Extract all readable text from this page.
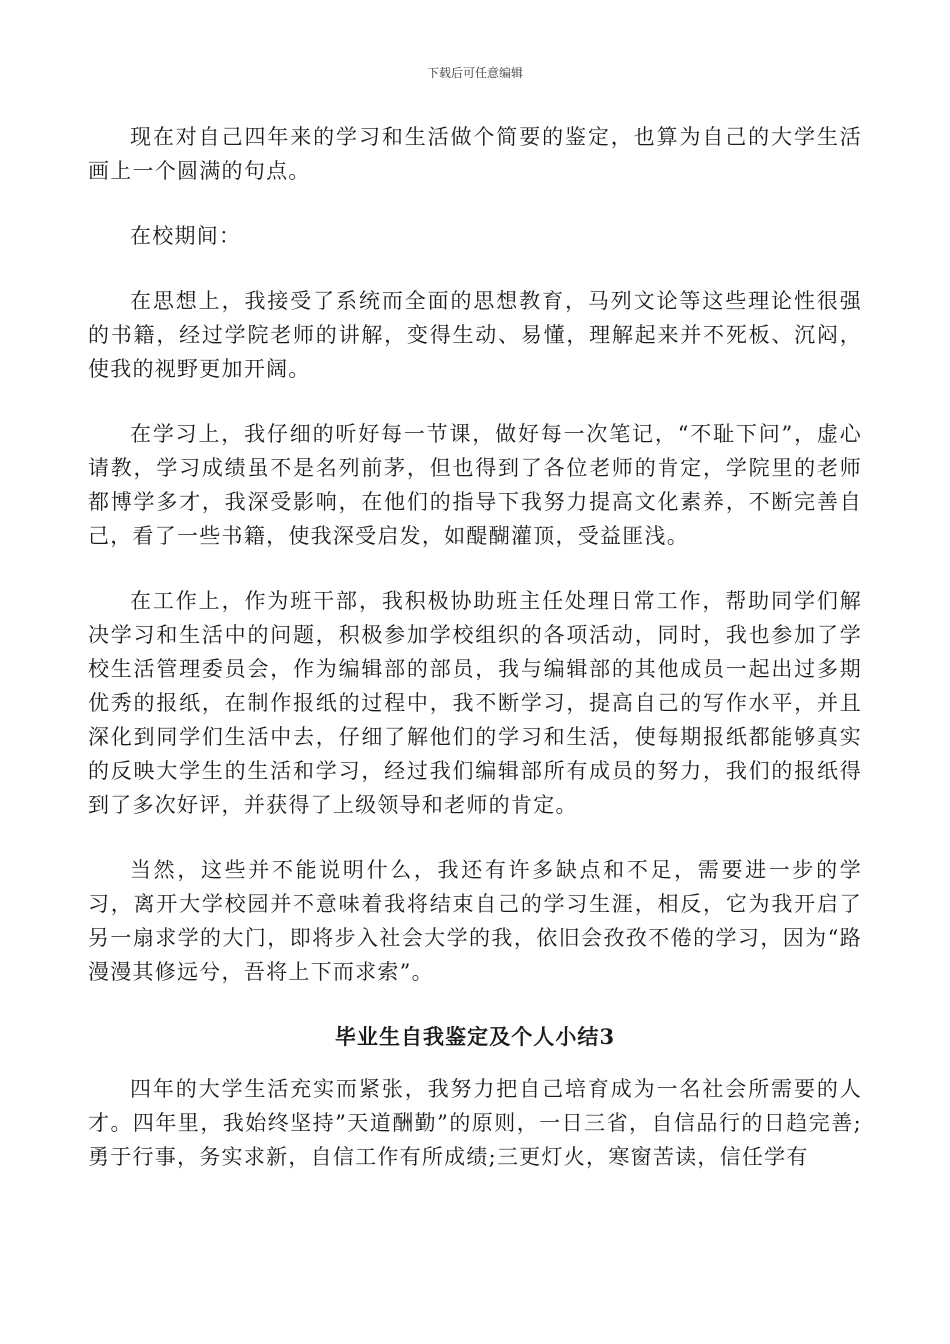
下载后可任意编辑

现在对自己四年来的学习和生活做个简要的鉴定，也算为自己的大学生活画上一个圆满的句点。

在校期间：

在思想上，我接受了系统而全面的思想教育，马列文论等这些理论性很强的书籍，经过学院老师的讲解，变得生动、易懂，理解起来并不死板、沉闷，使我的视野更加开阔。

在学习上，我仔细的听好每一节课，做好每一次笔记，“不耻下问”，虚心请教，学习成绩虽不是名列前茅，但也得到了各位老师的肯定，学院里的老师都博学多才，我深受影响，在他们的指导下我努力提高文化素养，不断完善自己，看了一些书籍，使我深受启发，如醍醐灌顶，受益匪浅。

在工作上，作为班干部，我积极协助班主任处理日常工作，帮助同学们解决学习和生活中的问题，积极参加学校组织的各项活动，同时，我也参加了学校生活管理委员会，作为编辑部的部员，我与编辑部的其他成员一起出过多期优秀的报纸，在制作报纸的过程中，我不断学习，提高自己的写作水平，并且深化到同学们生活中去，仔细了解他们的学习和生活，使每期报纸都能够真实的反映大学生的生活和学习，经过我们编辑部所有成员的努力，我们的报纸得到了多次好评，并获得了上级领导和老师的肯定。

当然，这些并不能说明什么，我还有许多缺点和不足，需要进一步的学习，离开大学校园并不意味着我将结束自己的学习生涯，相反，它为我开启了另一扇求学的大门，即将步入社会大学的我，依旧会孜孜不倦的学习，因为“路漫漫其修远兮，吾将上下而求索”。

毕业生自我鉴定及个人小结3

四年的大学生活充实而紧张，我努力把自己培育成为一名社会所需要的人才。四年里，我始终坚持”天道酬勤”的原则，一日三省，自信品行的日趋完善;勇于行事，务实求新，自信工作有所成绩;三更灯火，寒窗苦读，信任学有
